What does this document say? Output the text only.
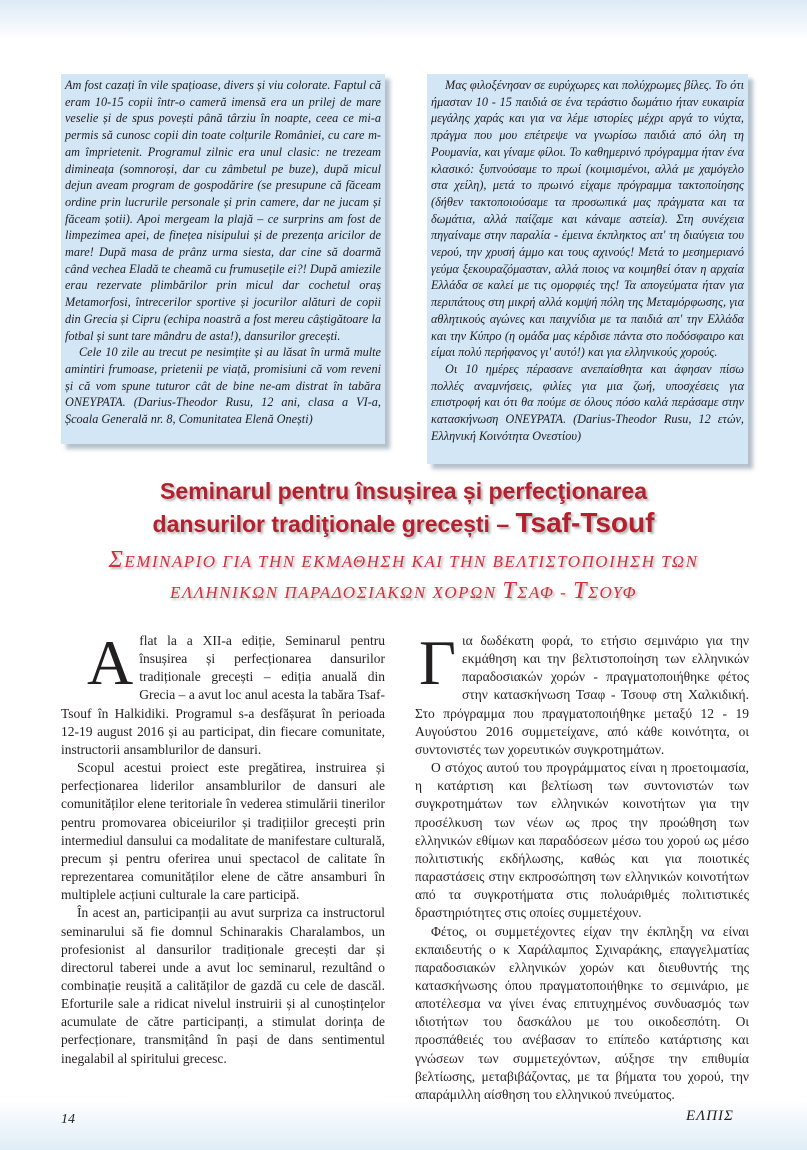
Am fost cazați în vile spațioase, divers și viu colorate. Faptul că eram 10-15 copii într-o cameră imensă era un prilej de mare veselie și de spus povești până târziu în noapte, ceea ce mi-a permis să cunosc copii din toate colțurile României, cu care m-am împrietenit. Programul zilnic era unul clasic: ne trezeam dimineața (somnoroși, dar cu zâmbetul pe buze), după micul dejun aveam program de gospodărire (se presupune că făceam ordine prin lucrurile personale și prin camere, dar ne jucam și făceam șotii). Apoi mergeam la plajă – ce surprins am fost de limpezimea apei, de finețea nisipului și de prezența aricilor de mare! După masa de prânz urma siesta, dar cine să doarmă când vechea Eladă te cheamă cu frumusețile ei?! După amiezile erau rezervate plimbărilor prin micul dar cochetul oraș Metamorfosi, întrecerilor sportive și jocurilor alături de copii din Grecia și Cipru (echipa noastră a fost mereu câștigătoare la fotbal și sunt tare mândru de asta!), dansurilor grecești.

Cele 10 zile au trecut pe nesimțite și au lăsat în urmă multe amintiri frumoase, prietenii pe viață, promisiuni că vom reveni și că vom spune tuturor cât de bine ne-am distrat în tabăra ONEYPATA. (Darius-Theodor Rusu, 12 ani, clasa a VI-a, Școala Generală nr. 8, Comunitatea Elenă Onești)

Μας φιλοξένησαν σε ευρύχωρες και πολύχρωμες βίλες. Το ότι ήμασταν 10 - 15 παιδιά σε ένα τεράστιο δωμάτιο ήταν ευκαιρία μεγάλης χαράς και για να λέμε ιστορίες μέχρι αργά το νύχτα, πράγμα που μου επέτρεψε να γνωρίσω παιδιά από όλη τη Ρουμανία, και γίναμε φίλοι. Το καθημερινό πρόγραμμα ήταν ένα κλασικό: ξυπνούσαμε το πρωί (κοιμισμένοι, αλλά με χαμόγελο στα χείλη), μετά το πρωινό είχαμε πρόγραμμα τακτοποίησης (δήθεν τακτοποιούσαμε τα προσωπικά μας πράγματα και τα δωμάτια, αλλά παίζαμε και κάναμε αστεία). Στη συνέχεια πηγαίναμε στην παραλία - έμεινα έκπληκτος απ' τη διαύγεια του νερού, την χρυσή άμμο και τους αχινούς! Μετά το μεσημεριανό γεύμα ξεκουραζόμασταν, αλλά ποιος να κοιμηθεί όταν η αρχαία Ελλάδα σε καλεί με τις ομορφιές της! Τα απογεύματα ήταν για περιπάτους στη μικρή αλλά κομψή πόλη της Μεταμόρφωσης, για αθλητικούς αγώνες και παιχνίδια με τα παιδιά απ' την Ελλάδα και την Κύπρο (η ομάδα μας κέρδισε πάντα στο ποδόσφαιρο και είμαι πολύ περήφανος γι' αυτό!) και για ελληνικούς χορούς.

Οι 10 ημέρες πέρασανε ανεπαίσθητα και άφησαν πίσω πολλές αναμνήσεις, φιλίες για μια ζωή, υποσχέσεις για επιστροφή και ότι θα πούμε σε όλους πόσο καλά περάσαμε στην κατασκήνωση ONEYPATA. (Darius-Theodor Rusu, 12 ετών, Ελληνική Κοινότητα Ονεστίου)

Seminarul pentru însușirea și perfecţionarea
dansurilor tradiţionale grecești – Tsaf-Tsouf
ΣΕΜΙΝΑΡΙΟ ΓΙΑ ΤΗΝ ΕΚΜΑΘΗΣΗ ΚΑΙ ΤΗΝ ΒΕΛΤΙΣΤΟΠΟΙΗΣΗ ΤΩΝ
ΕΛΛΗΝΙΚΩΝ ΠΑΡΑΔΟΣΙΑΚΩΝ ΧΟΡΩΝ ΤΣΑΦ - ΤΣΟΥΦ

Aflat la a XII-a ediție, Seminarul pentru însușirea și perfecționarea dansurilor tradiționale grecești – ediția anuală din Grecia – a avut loc anul acesta la tabăra Tsaf-Tsouf în Halkidiki. Programul s-a desfășurat în perioada 12-19 august 2016 și au participat, din fiecare comunitate, instructorii ansamblurilor de dansuri.

Scopul acestui proiect este pregătirea, instruirea și perfecționarea liderilor ansamblurilor de dansuri ale comunităților elene teritoriale în vederea stimulării tinerilor pentru promovarea obiceiurilor și tradițiilor grecești prin intermediul dansului ca modalitate de manifestare culturală, precum și pentru oferirea unui spectacol de calitate în reprezentarea comunităților elene de către ansamburi în multiplele acțiuni culturale la care participă.

În acest an, participanții au avut surpriza ca instructorul seminarului să fie domnul Schinarakis Charalambos, un profesionist al dansurilor tradiționale grecești dar și directorul taberei unde a avut loc seminarul, rezultând o combinație reușită a calităților de gazdă cu cele de dascăl. Eforturile sale a ridicat nivelul instruirii și al cunoștințelor acumulate de către participanți, a stimulat dorința de perfecționare, transmițând în pași de dans sentimentul inegalabil al spiritului grecesc.

Για δωδέκατη φορά, το ετήσιο σεμινάριο για την εκμάθηση και την βελτιστοποίηση των ελληνικών παραδοσιακών χορών - πραγματοποιήθηκε φέτος στην κατασκήνωση Τσαφ - Τσουφ στη Χαλκιδική. Στο πρόγραμμα που πραγματοποιήθηκε μεταξύ 12 - 19 Αυγούστου 2016 συμμετείχανε, από κάθε κοινότητα, οι συντονιστές των χορευτικών συγκροτημάτων.

Ο στόχος αυτού του προγράμματος είναι η προετοιμασία, η κατάρτιση και βελτίωση των συντονιστών των συγκροτημάτων των ελληνικών κοινοτήτων για την προσέλκυση των νέων ως προς την προώθηση των ελληνικών εθίμων και παραδόσεων μέσω του χορού ως μέσο πολιτιστικής εκδήλωσης, καθώς και για ποιοτικές παραστάσεις στην εκπροσώπηση των ελληνικών κοινοτήτων από τα συγκροτήματα στις πολυάριθμές πολιτιστικές δραστηριότητες στις οποίες συμμετέχουν.

Φέτος, οι συμμετέχοντες είχαν την έκπληξη να είναι εκπαιδευτής ο κ Χαράλαμπος Σχιναράκης, επαγγελματίας παραδοσιακών ελληνικών χορών και διευθυντής της κατασκήνωσης όπου πραγματοποιήθηκε το σεμινάριο, με αποτέλεσμα να γίνει ένας επιτυχημένος συνδυασμός των ιδιοτήτων του δασκάλου με του οικοδεσπότη. Οι προσπάθειές του ανέβασαν το επίπεδο κατάρτισης και γνώσεων των συμμετεχόντων, αύξησε την επιθυμία βελτίωσης, μεταβιβάζοντας, με τα βήματα του χορού, την απαράμιλλη αίσθηση του ελληνικού πνεύματος.

14	ΕΛΠΙΣ
